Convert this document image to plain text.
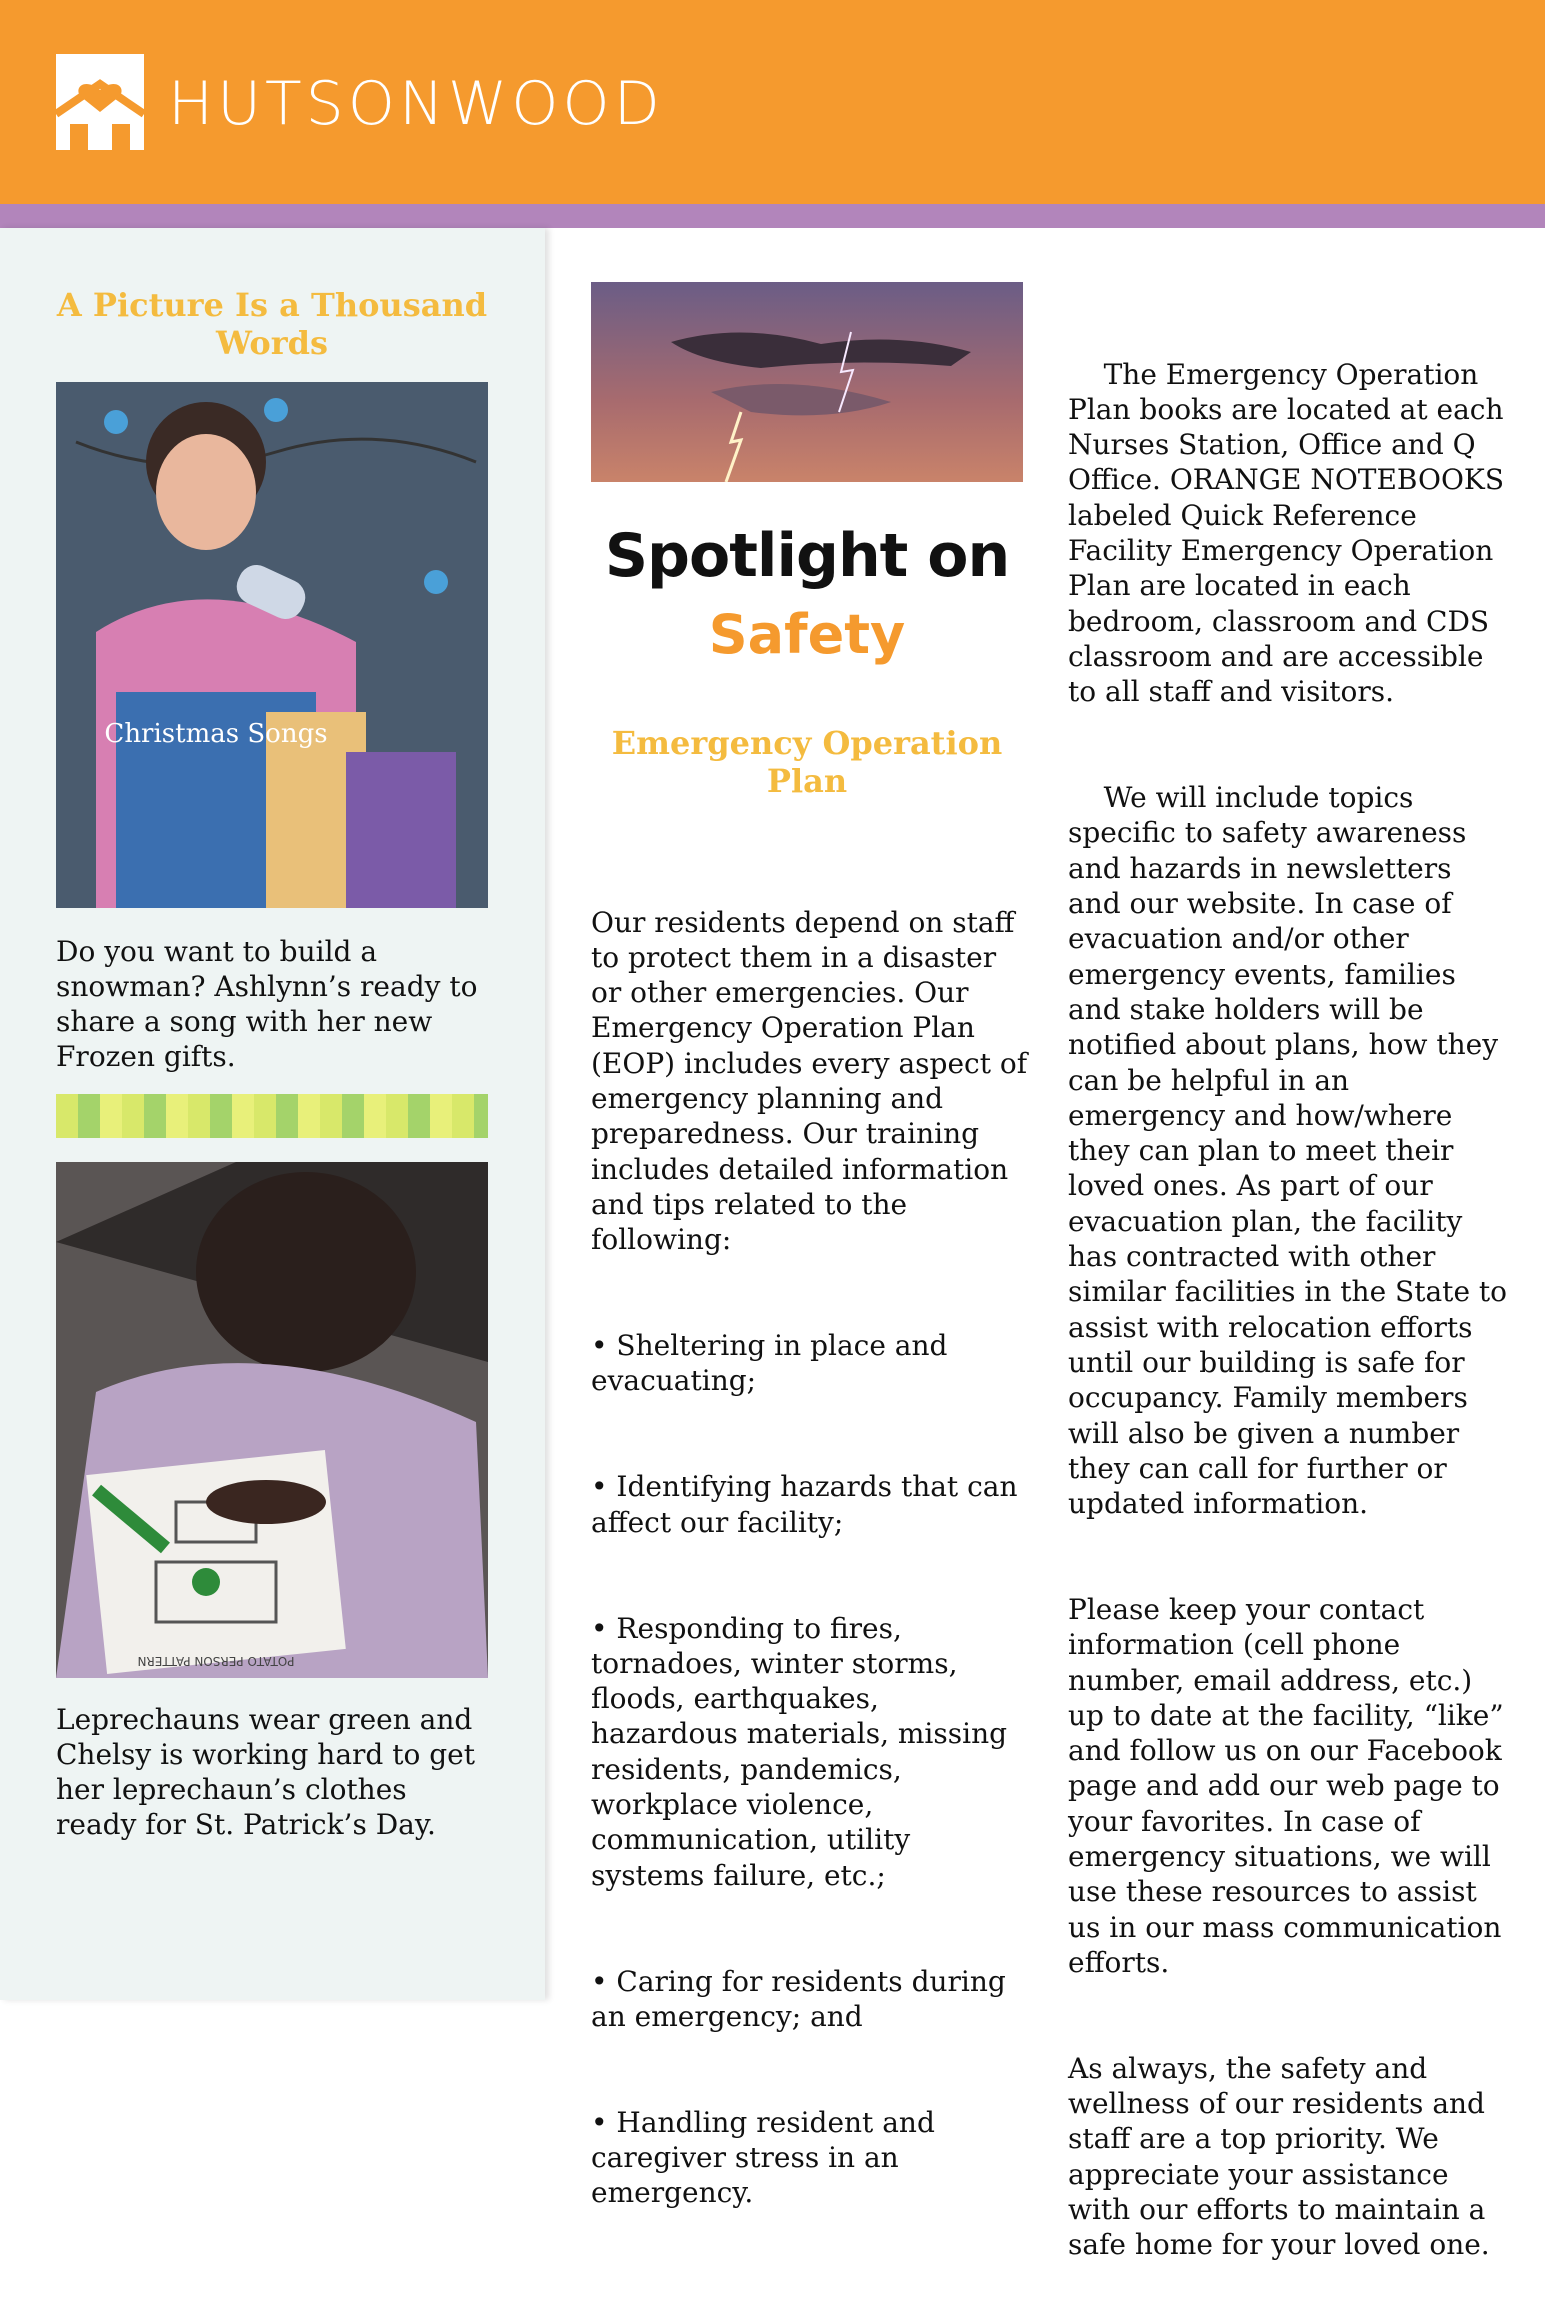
HUTSONWOOD
A Picture Is a Thousand Words
Christmas Songs
Do you want to build a snowman? Ashlynn’s ready to share a song with her new Frozen gifts.
POTATO PERSON PATTERN
Leprechauns wear green and Chelsy is working hard to get her leprechaun’s clothes ready for St. Patrick’s Day.
Spotlight on
Safety
Emergency Operation Plan

Our residents depend on staff to protect them in a disaster or other emergencies. Our Emergency Operation Plan (EOP) includes every aspect of emergency planning and preparedness. Our training includes detailed information and tips related to the following:

• Sheltering in place and evacuating;

• Identifying hazards that can affect our facility;

• Responding to fires, tornadoes, winter storms, floods, earthquakes, hazardous materials, missing residents, pandemics, workplace violence, communication, utility systems failure, etc.;

• Caring for residents during an emergency; and

• Handling resident and caregiver stress in an emergency.

The Emergency Operation Plan books are located at each Nurses Station, Office and Q Office. ORANGE NOTEBOOKS labeled Quick Reference Facility Emergency Operation Plan are located in each bedroom, classroom and CDS classroom and are accessible to all staff and visitors.

We will include topics specific to safety awareness and hazards in newsletters and our website. In case of evacuation and/or other emergency events, families and stake holders will be notified about plans, how they can be helpful in an emergency and how/where they can plan to meet their loved ones. As part of our evacuation plan, the facility has contracted with other similar facilities in the State to assist with relocation efforts until our building is safe for occupancy. Family members will also be given a number they can call for further or updated information.

Please keep your contact information (cell phone number, email address, etc.) up to date at the facility, “like” and follow us on our Facebook page and add our web page to your favorites. In case of emergency situations, we will use these resources to assist us in our mass communication efforts.

As always, the safety and wellness of our residents and staff are a top priority. We appreciate your assistance with our efforts to maintain a safe home for your loved one.
